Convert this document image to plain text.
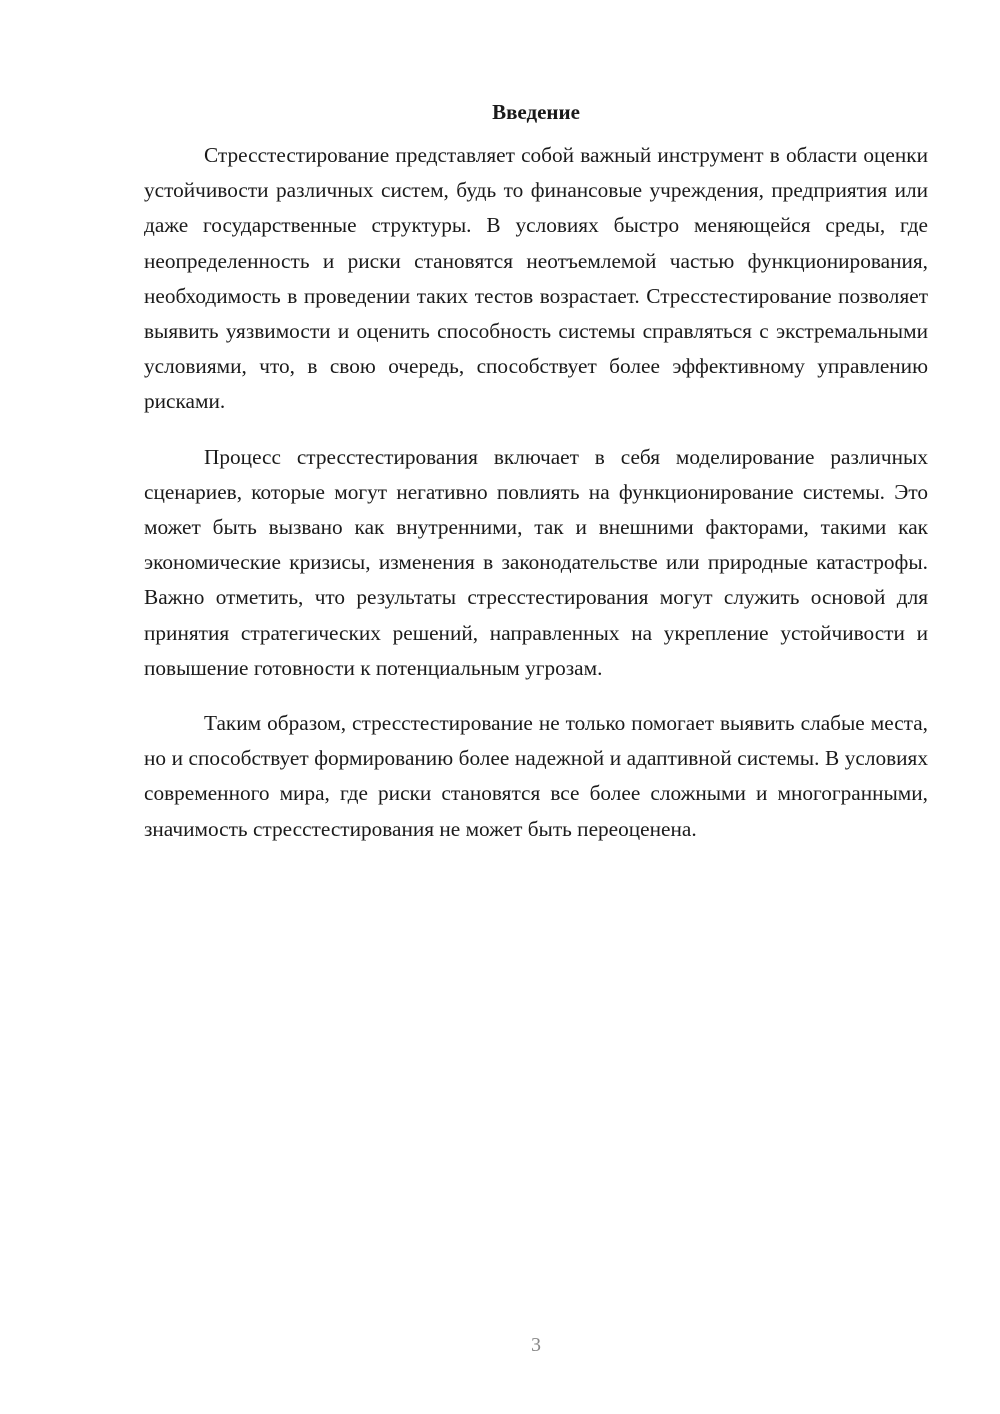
Введение

Стресстестирование представляет собой важный инструмент в области оценки устойчивости различных систем, будь то финансовые учреждения, предприятия или даже государственные структуры. В условиях быстро меняющейся среды, где неопределенность и риски становятся неотъемлемой частью функционирования, необходимость в проведении таких тестов возрастает. Стресстестирование позволяет выявить уязвимости и оценить способность системы справляться с экстремальными условиями, что, в свою очередь, способствует более эффективному управлению рисками.

Процесс стресстестирования включает в себя моделирование различных сценариев, которые могут негативно повлиять на функционирование системы. Это может быть вызвано как внутренними, так и внешними факторами, такими как экономические кризисы, изменения в законодательстве или природные катастрофы. Важно отметить, что результаты стресстестирования могут служить основой для принятия стратегических решений, направленных на укрепление устойчивости и повышение готовности к потенциальным угрозам.

Таким образом, стресстестирование не только помогает выявить слабые места, но и способствует формированию более надежной и адаптивной системы. В условиях современного мира, где риски становятся все более сложными и многогранными, значимость стресстестирования не может быть переоценена.

3
